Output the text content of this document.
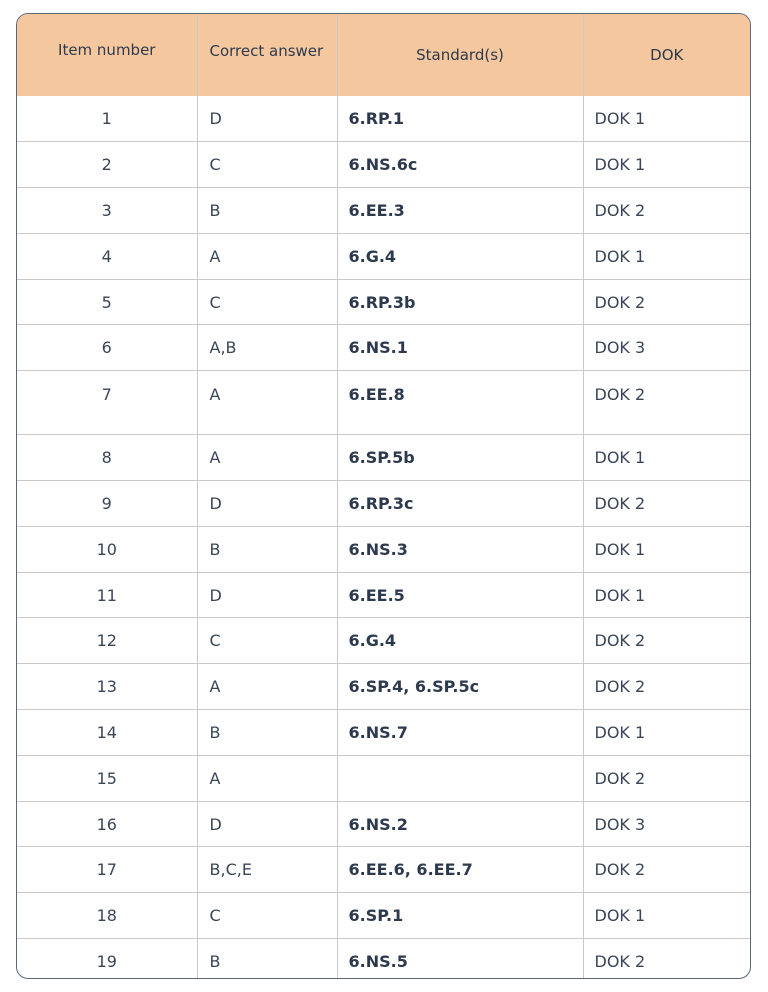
Item number	Correct answer	Standard(s)	DOK
1	D	6.RP.1	DOK 1
2	C	6.NS.6c	DOK 1
3	B	6.EE.3	DOK 2
4	A	6.G.4	DOK 1
5	C	6.RP.3b	DOK 2
6	A,B	6.NS.1	DOK 3
7	A	6.EE.8	DOK 2
8	A	6.SP.5b	DOK 1
9	D	6.RP.3c	DOK 2
10	B	6.NS.3	DOK 1
11	D	6.EE.5	DOK 1
12	C	6.G.4	DOK 2
13	A	6.SP.4, 6.SP.5c	DOK 2
14	B	6.NS.7	DOK 1
15	A		DOK 2
16	D	6.NS.2	DOK 3
17	B,C,E	6.EE.6, 6.EE.7	DOK 2
18	C	6.SP.1	DOK 1
19	B	6.NS.5	DOK 2
